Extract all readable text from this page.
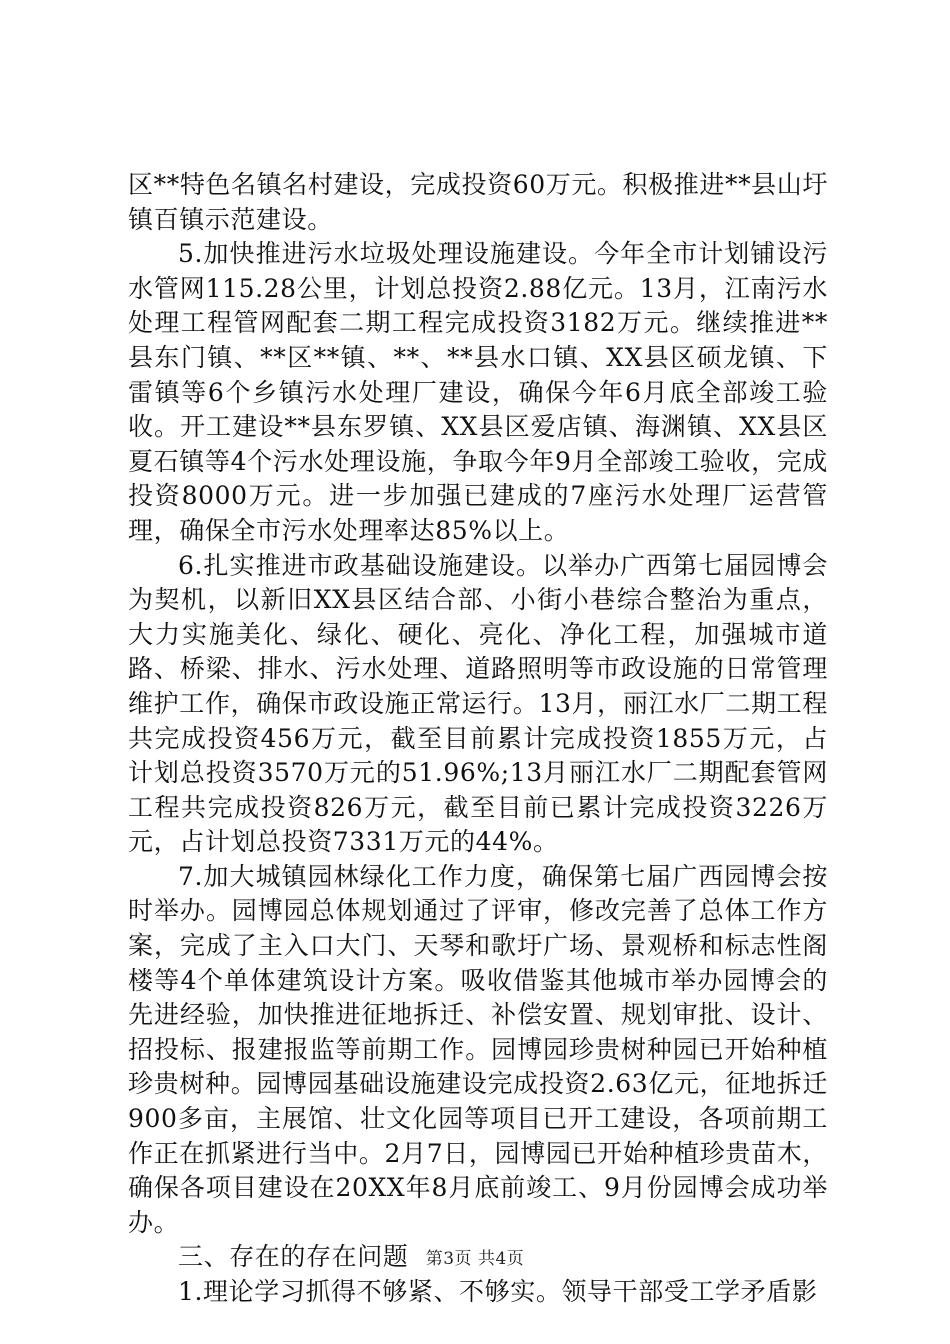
区**特色名镇名村建设，完成投资60万元。积极推进**县山圩镇百镇示范建设。

5.加快推进污水垃圾处理设施建设。今年全市计划铺设污水管网115.28公里，计划总投资2.88亿元。13月，江南污水处理工程管网配套二期工程完成投资3182万元。继续推进**县东门镇、**区**镇、**、**县水口镇、XX县区硕龙镇、下雷镇等6个乡镇污水处理厂建设，确保今年6月底全部竣工验收。开工建设**县东罗镇、XX县区爱店镇、海渊镇、XX县区夏石镇等4个污水处理设施，争取今年9月全部竣工验收，完成投资8000万元。进一步加强已建成的7座污水处理厂运营管理，确保全市污水处理率达85%以上。

6.扎实推进市政基础设施建设。以举办广西第七届园博会为契机，以新旧XX县区结合部、小街小巷综合整治为重点，大力实施美化、绿化、硬化、亮化、净化工程，加强城市道路、桥梁、排水、污水处理、道路照明等市政设施的日常管理维护工作，确保市政设施正常运行。13月，丽江水厂二期工程共完成投资456万元，截至目前累计完成投资1855万元，占计划总投资3570万元的51.96%;13月丽江水厂二期配套管网工程共完成投资826万元，截至目前已累计完成投资3226万元，占计划总投资7331万元的44%。

7.加大城镇园林绿化工作力度，确保第七届广西园博会按时举办。园博园总体规划通过了评审，修改完善了总体工作方案，完成了主入口大门、天琴和歌圩广场、景观桥和标志性阁楼等4个单体建筑设计方案。吸收借鉴其他城市举办园博会的先进经验，加快推进征地拆迁、补偿安置、规划审批、设计、招投标、报建报监等前期工作。园博园珍贵树种园已开始种植珍贵树种。园博园基础设施建设完成投资2.63亿元，征地拆迁900多亩，主展馆、壮文化园等项目已开工建设，各项前期工作正在抓紧进行当中。2月7日，园博园已开始种植珍贵苗木，确保各项目建设在20XX年8月底前竣工、9月份园博会成功举办。

三、存在的存在问题

1.理论学习抓得不够紧、不够实。领导干部受工学矛盾影

第3页 共4页
